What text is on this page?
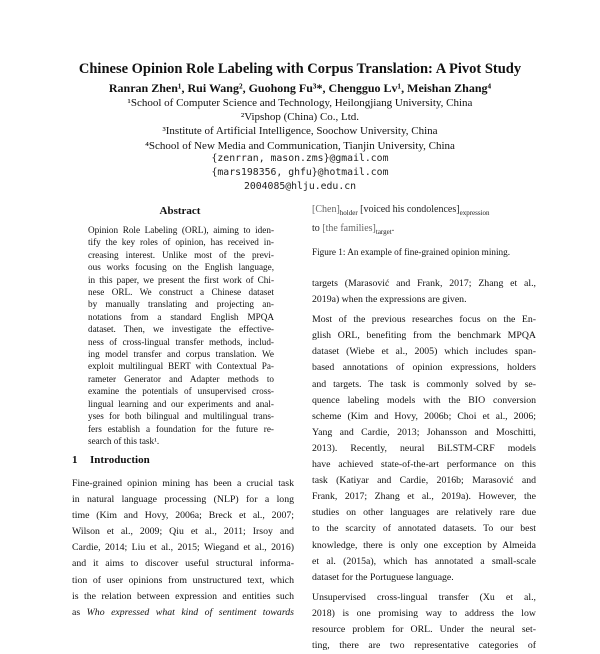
Chinese Opinion Role Labeling with Corpus Translation: A Pivot Study
Ranran Zhen¹, Rui Wang², Guohong Fu³*, Chengguo Lv¹, Meishan Zhang⁴
¹School of Computer Science and Technology, Heilongjiang University, China
²Vipshop (China) Co., Ltd.
³Institute of Artificial Intelligence, Soochow University, China
⁴School of New Media and Communication, Tianjin University, China
{zenrran, mason.zms}@gmail.com
{mars198356, ghfu}@hotmail.com
2004085@hlju.edu.cn
Abstract
Opinion Role Labeling (ORL), aiming to iden-
tify the key roles of opinion, has received in-
creasing interest. Unlike most of the previ-
ous works focusing on the English language,
in this paper, we present the first work of Chi-
nese ORL. We construct a Chinese dataset
by manually translating and projecting an-
notations from a standard English MPQA
dataset. Then, we investigate the effective-
ness of cross-lingual transfer methods, includ-
ing model transfer and corpus translation. We
exploit multilingual BERT with Contextual Pa-
rameter Generator and Adapter methods to
examine the potentials of unsupervised cross-
lingual learning and our experiments and anal-
yses for both bilingual and multilingual trans-
fers establish a foundation for the future re-
search of this task¹.
1 Introduction
Fine-grained opinion mining has been a crucial task
in natural language processing (NLP) for a long
time (Kim and Hovy, 2006a; Breck et al., 2007;
Wilson et al., 2009; Qiu et al., 2011; Irsoy and
Cardie, 2014; Liu et al., 2015; Wiegand et al., 2016)
and it aims to discover useful structural informa-
tion of user opinions from unstructured text, which
is the relation between expression and entities such
as Who expressed what kind of sentiment towards
$[Chen]_{holder}$ [voiced his $condolences]_{expression}$
to [the $families]_{target}$.
Figure 1: An example of fine-grained opinion mining.
targets (Marasović and Frank, 2017; Zhang et al.,
2019a) when the expressions are given.
Most of the previous researches focus on the En-
glish ORL, benefiting from the benchmark MPQA
dataset (Wiebe et al., 2005) which includes span-
based annotations of opinion expressions, holders
and targets. The task is commonly solved by se-
quence labeling models with the BIO conversion
scheme (Kim and Hovy, 2006b; Choi et al., 2006;
Yang and Cardie, 2013; Johansson and Moschitti,
2013). Recently, neural BiLSTM-CRF models
have achieved state-of-the-art performance on this
task (Katiyar and Cardie, 2016b; Marasović and
Frank, 2017; Zhang et al., 2019a). However, the
studies on other languages are relatively rare due
to the scarcity of annotated datasets. To our best
knowledge, there is only one exception by Almeida
et al. (2015a), which has annotated a small-scale
dataset for the Portuguese language.
Unsupervised cross-lingual transfer (Xu et al.,
2018) is one promising way to address the low
resource problem for ORL. Under the neural set-
ting, there are two representative categories of
